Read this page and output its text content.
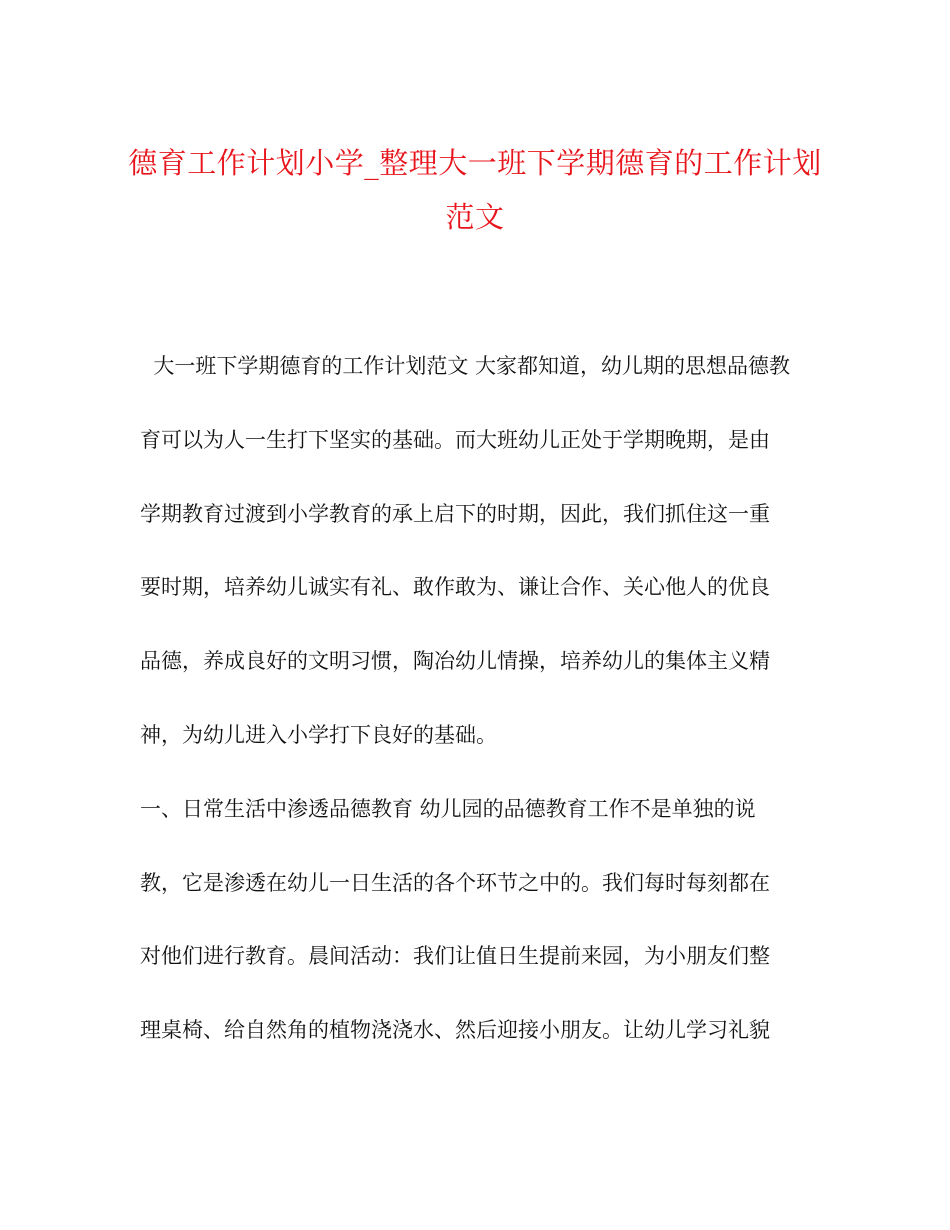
德育工作计划小学_整理大一班下学期德育的工作计划
范文
大一班下学期德育的工作计划范文 大家都知道，幼儿期的思想品德教
育可以为人一生打下坚实的基础。而大班幼儿正处于学期晚期，是由
学期教育过渡到小学教育的承上启下的时期，因此，我们抓住这一重
要时期，培养幼儿诚实有礼、敢作敢为、谦让合作、关心他人的优良
品德，养成良好的文明习惯，陶冶幼儿情操，培养幼儿的集体主义精
神，为幼儿进入小学打下良好的基础。
一、日常生活中渗透品德教育 幼儿园的品德教育工作不是单独的说
教，它是渗透在幼儿一日生活的各个环节之中的。我们每时每刻都在
对他们进行教育。晨间活动：我们让值日生提前来园，为小朋友们整
理桌椅、给自然角的植物浇浇水、然后迎接小朋友。让幼儿学习礼貌
